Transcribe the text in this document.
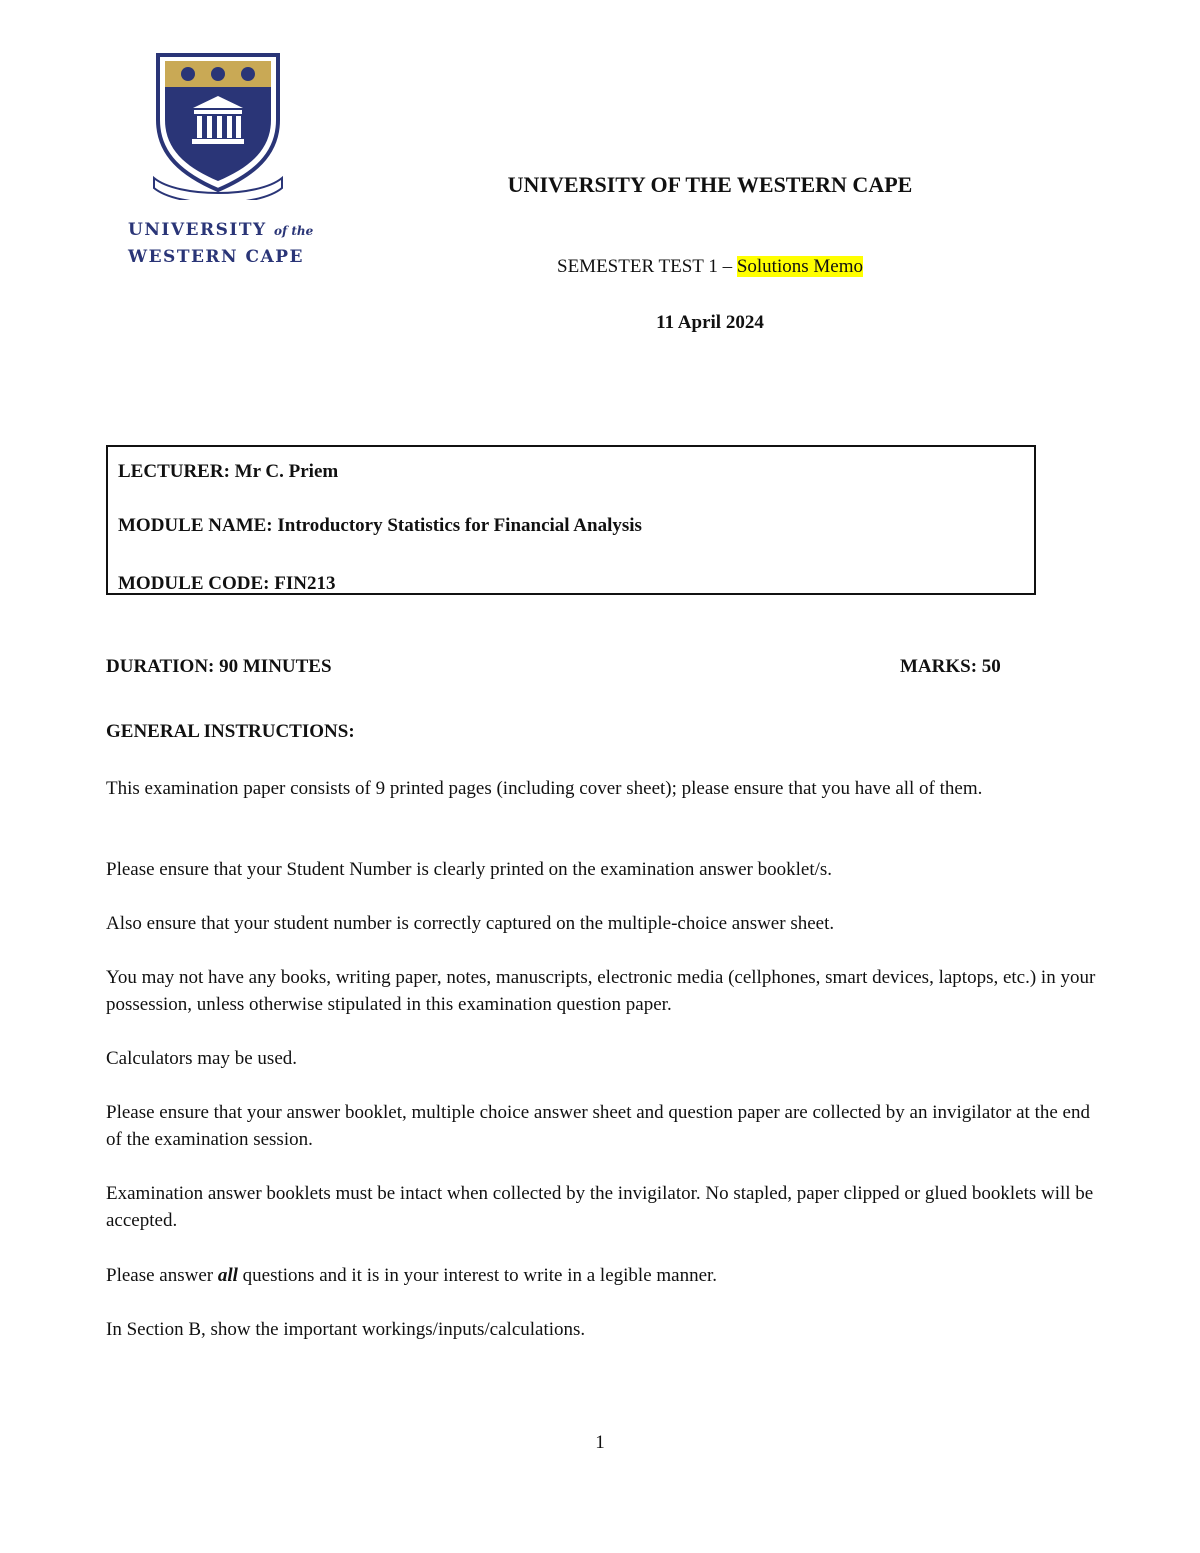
UNIVERSITY of the
WESTERN CAPE
UNIVERSITY OF THE WESTERN CAPE
SEMESTER TEST 1 – Solutions Memo
11 April 2024
LECTURER: Mr C. Priem
MODULE NAME: Introductory Statistics for Financial Analysis
MODULE CODE: FIN213
DURATION: 90 MINUTES	MARKS: 50
GENERAL INSTRUCTIONS:
This examination paper consists of 9 printed pages (including cover sheet); please ensure that you have all of them.
Please ensure that your Student Number is clearly printed on the examination answer booklet/s.
Also ensure that your student number is correctly captured on the multiple-choice answer sheet.
You may not have any books, writing paper, notes, manuscripts, electronic media (cellphones, smart devices, laptops, etc.) in your possession, unless otherwise stipulated in this examination question paper.
Calculators may be used.
Please ensure that your answer booklet, multiple choice answer sheet and question paper are collected by an invigilator at the end of the examination session.
Examination answer booklets must be intact when collected by the invigilator. No stapled, paper clipped or glued booklets will be accepted.
Please answer all questions and it is in your interest to write in a legible manner.
In Section B, show the important workings/inputs/calculations.
1
